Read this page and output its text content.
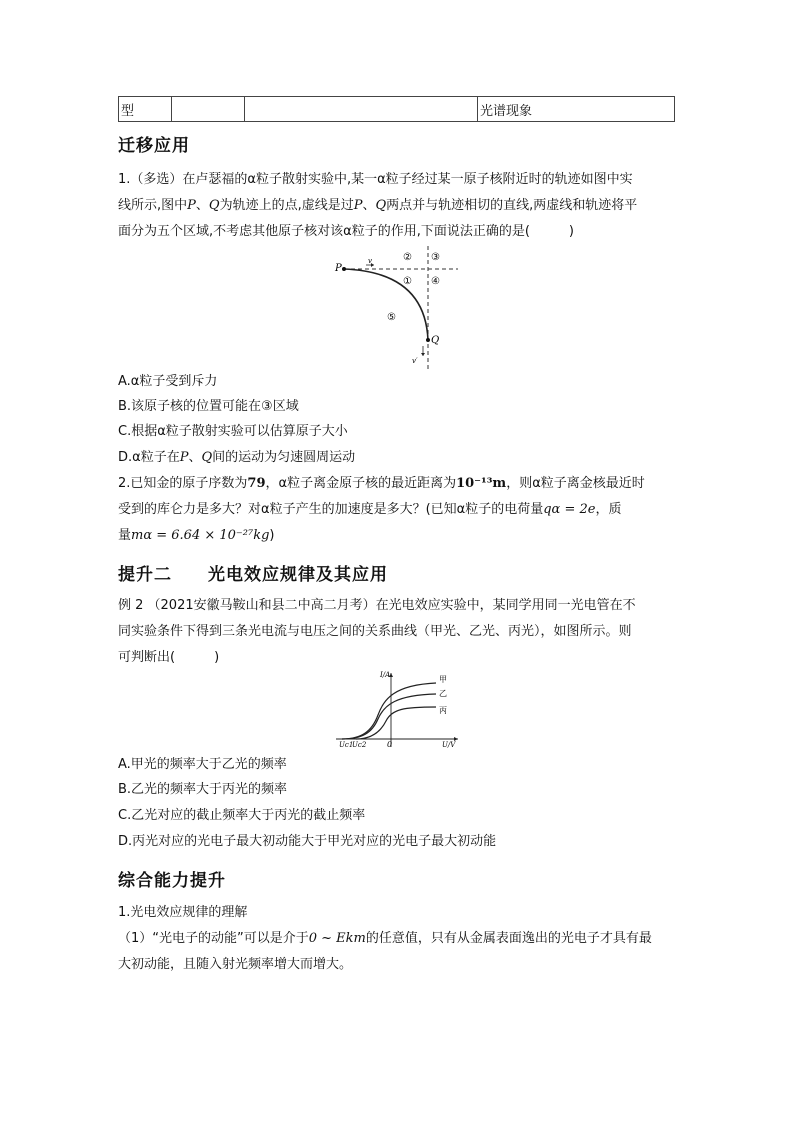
型			光谱现象
迁移应用
1.（多选）在卢瑟福的α粒子散射实验中,某一α粒子经过某一原子核附近时的轨迹如图中实
线所示,图中P、Q为轨迹上的点,虚线是过P、Q两点并与轨迹相切的直线,两虚线和轨迹将平
面分为五个区域,不考虑其他原子核对该α粒子的作用,下面说法正确的是(　　　)
P
Q
v
v′
② ③
① ④
⑤
A.α粒子受到斥力
B.该原子核的位置可能在③区域
C.根据α粒子散射实验可以估算原子大小
D.α粒子在P、Q间的运动为匀速圆周运动
2.已知金的原子序数为79，α粒子离金原子核的最近距离为10⁻¹³m，则α粒子离金核最近时
受到的库仑力是多大？对α粒子产生的加速度是多大？(已知α粒子的电荷量qα = 2e，质
量mα = 6.64 × 10⁻²⁷kg)
提升二　　光电效应规律及其应用
例 2 （2021安徽马鞍山和县二中高二月考）在光电效应实验中，某同学用同一光电管在不
同实验条件下得到三条光电流与电压之间的关系曲线（甲光、乙光、丙光），如图所示。则
可判断出(　　　)
I/A
U/V
0
Uc1
Uc2
甲
乙
丙
A.甲光的频率大于乙光的频率
B.乙光的频率大于丙光的频率
C.乙光对应的截止频率大于丙光的截止频率
D.丙光对应的光电子最大初动能大于甲光对应的光电子最大初动能
综合能力提升
1.光电效应规律的理解
（1）“光电子的动能”可以是介于0 ~ Ekm的任意值，只有从金属表面逸出的光电子才具有最
大初动能，且随入射光频率增大而增大。
